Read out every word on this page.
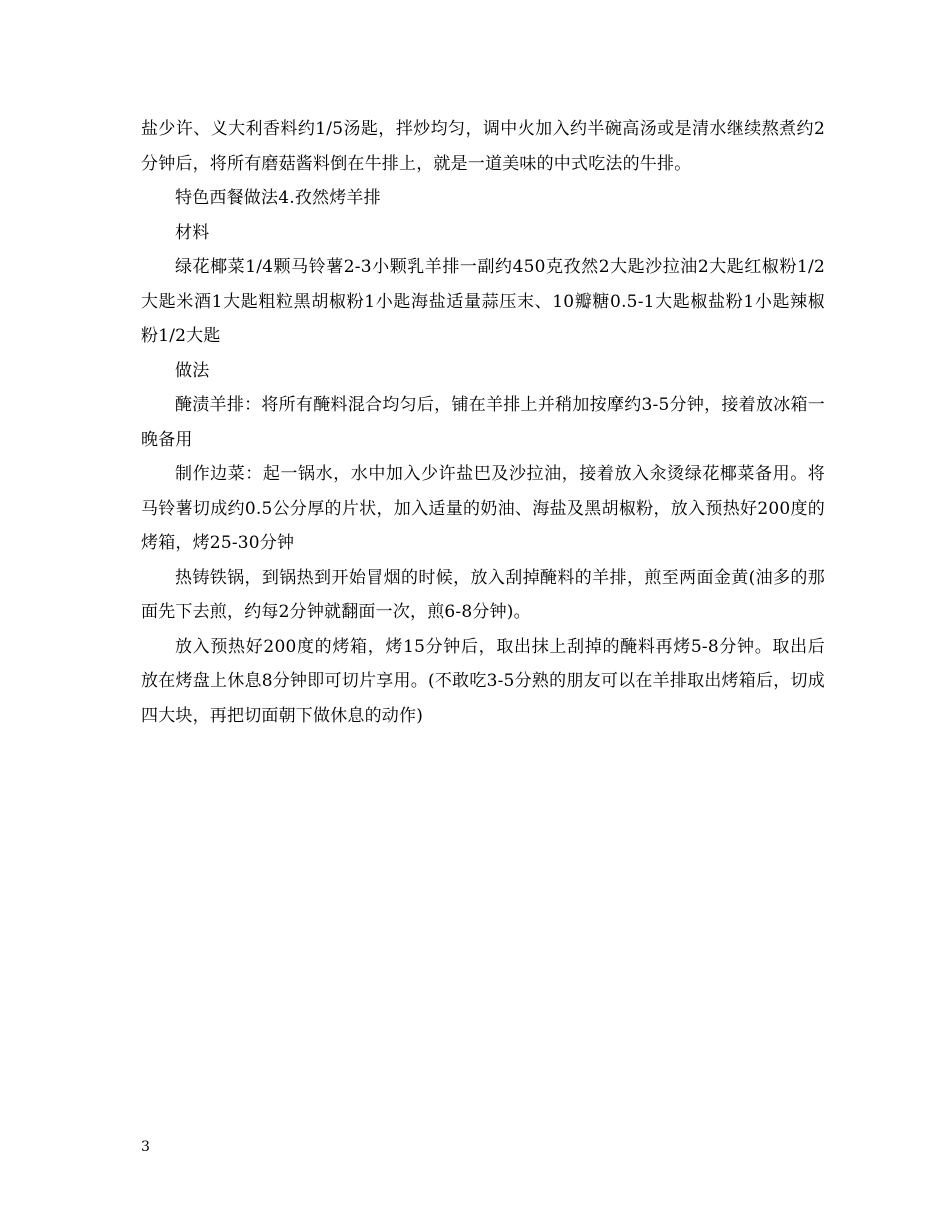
盐少许、义大利香料约1/5汤匙，拌炒均匀，调中火加入约半碗高汤或是清水继续熬煮约2分钟后，将所有磨菇酱料倒在牛排上，就是一道美味的中式吃法的牛排。

特色西餐做法4.孜然烤羊排

材料

绿花椰菜1/4颗马铃薯2-3小颗乳羊排一副约450克孜然2大匙沙拉油2大匙红椒粉1/2大匙米酒1大匙粗粒黑胡椒粉1小匙海盐适量蒜压末、10瓣糖0.5-1大匙椒盐粉1小匙辣椒粉1/2大匙

做法

醃渍羊排：将所有醃料混合均匀后，铺在羊排上并稍加按摩约3-5分钟，接着放冰箱一晚备用

制作边菜：起一锅水，水中加入少许盐巴及沙拉油，接着放入汆烫绿花椰菜备用。将马铃薯切成约0.5公分厚的片状，加入适量的奶油、海盐及黑胡椒粉，放入预热好200度的烤箱，烤25-30分钟

热铸铁锅，到锅热到开始冒烟的时候，放入刮掉醃料的羊排，煎至两面金黄(油多的那面先下去煎，约每2分钟就翻面一次，煎6-8分钟)。

放入预热好200度的烤箱，烤15分钟后，取出抹上刮掉的醃料再烤5-8分钟。取出后放在烤盘上休息8分钟即可切片享用。(不敢吃3-5分熟的朋友可以在羊排取出烤箱后，切成四大块，再把切面朝下做休息的动作)

3
